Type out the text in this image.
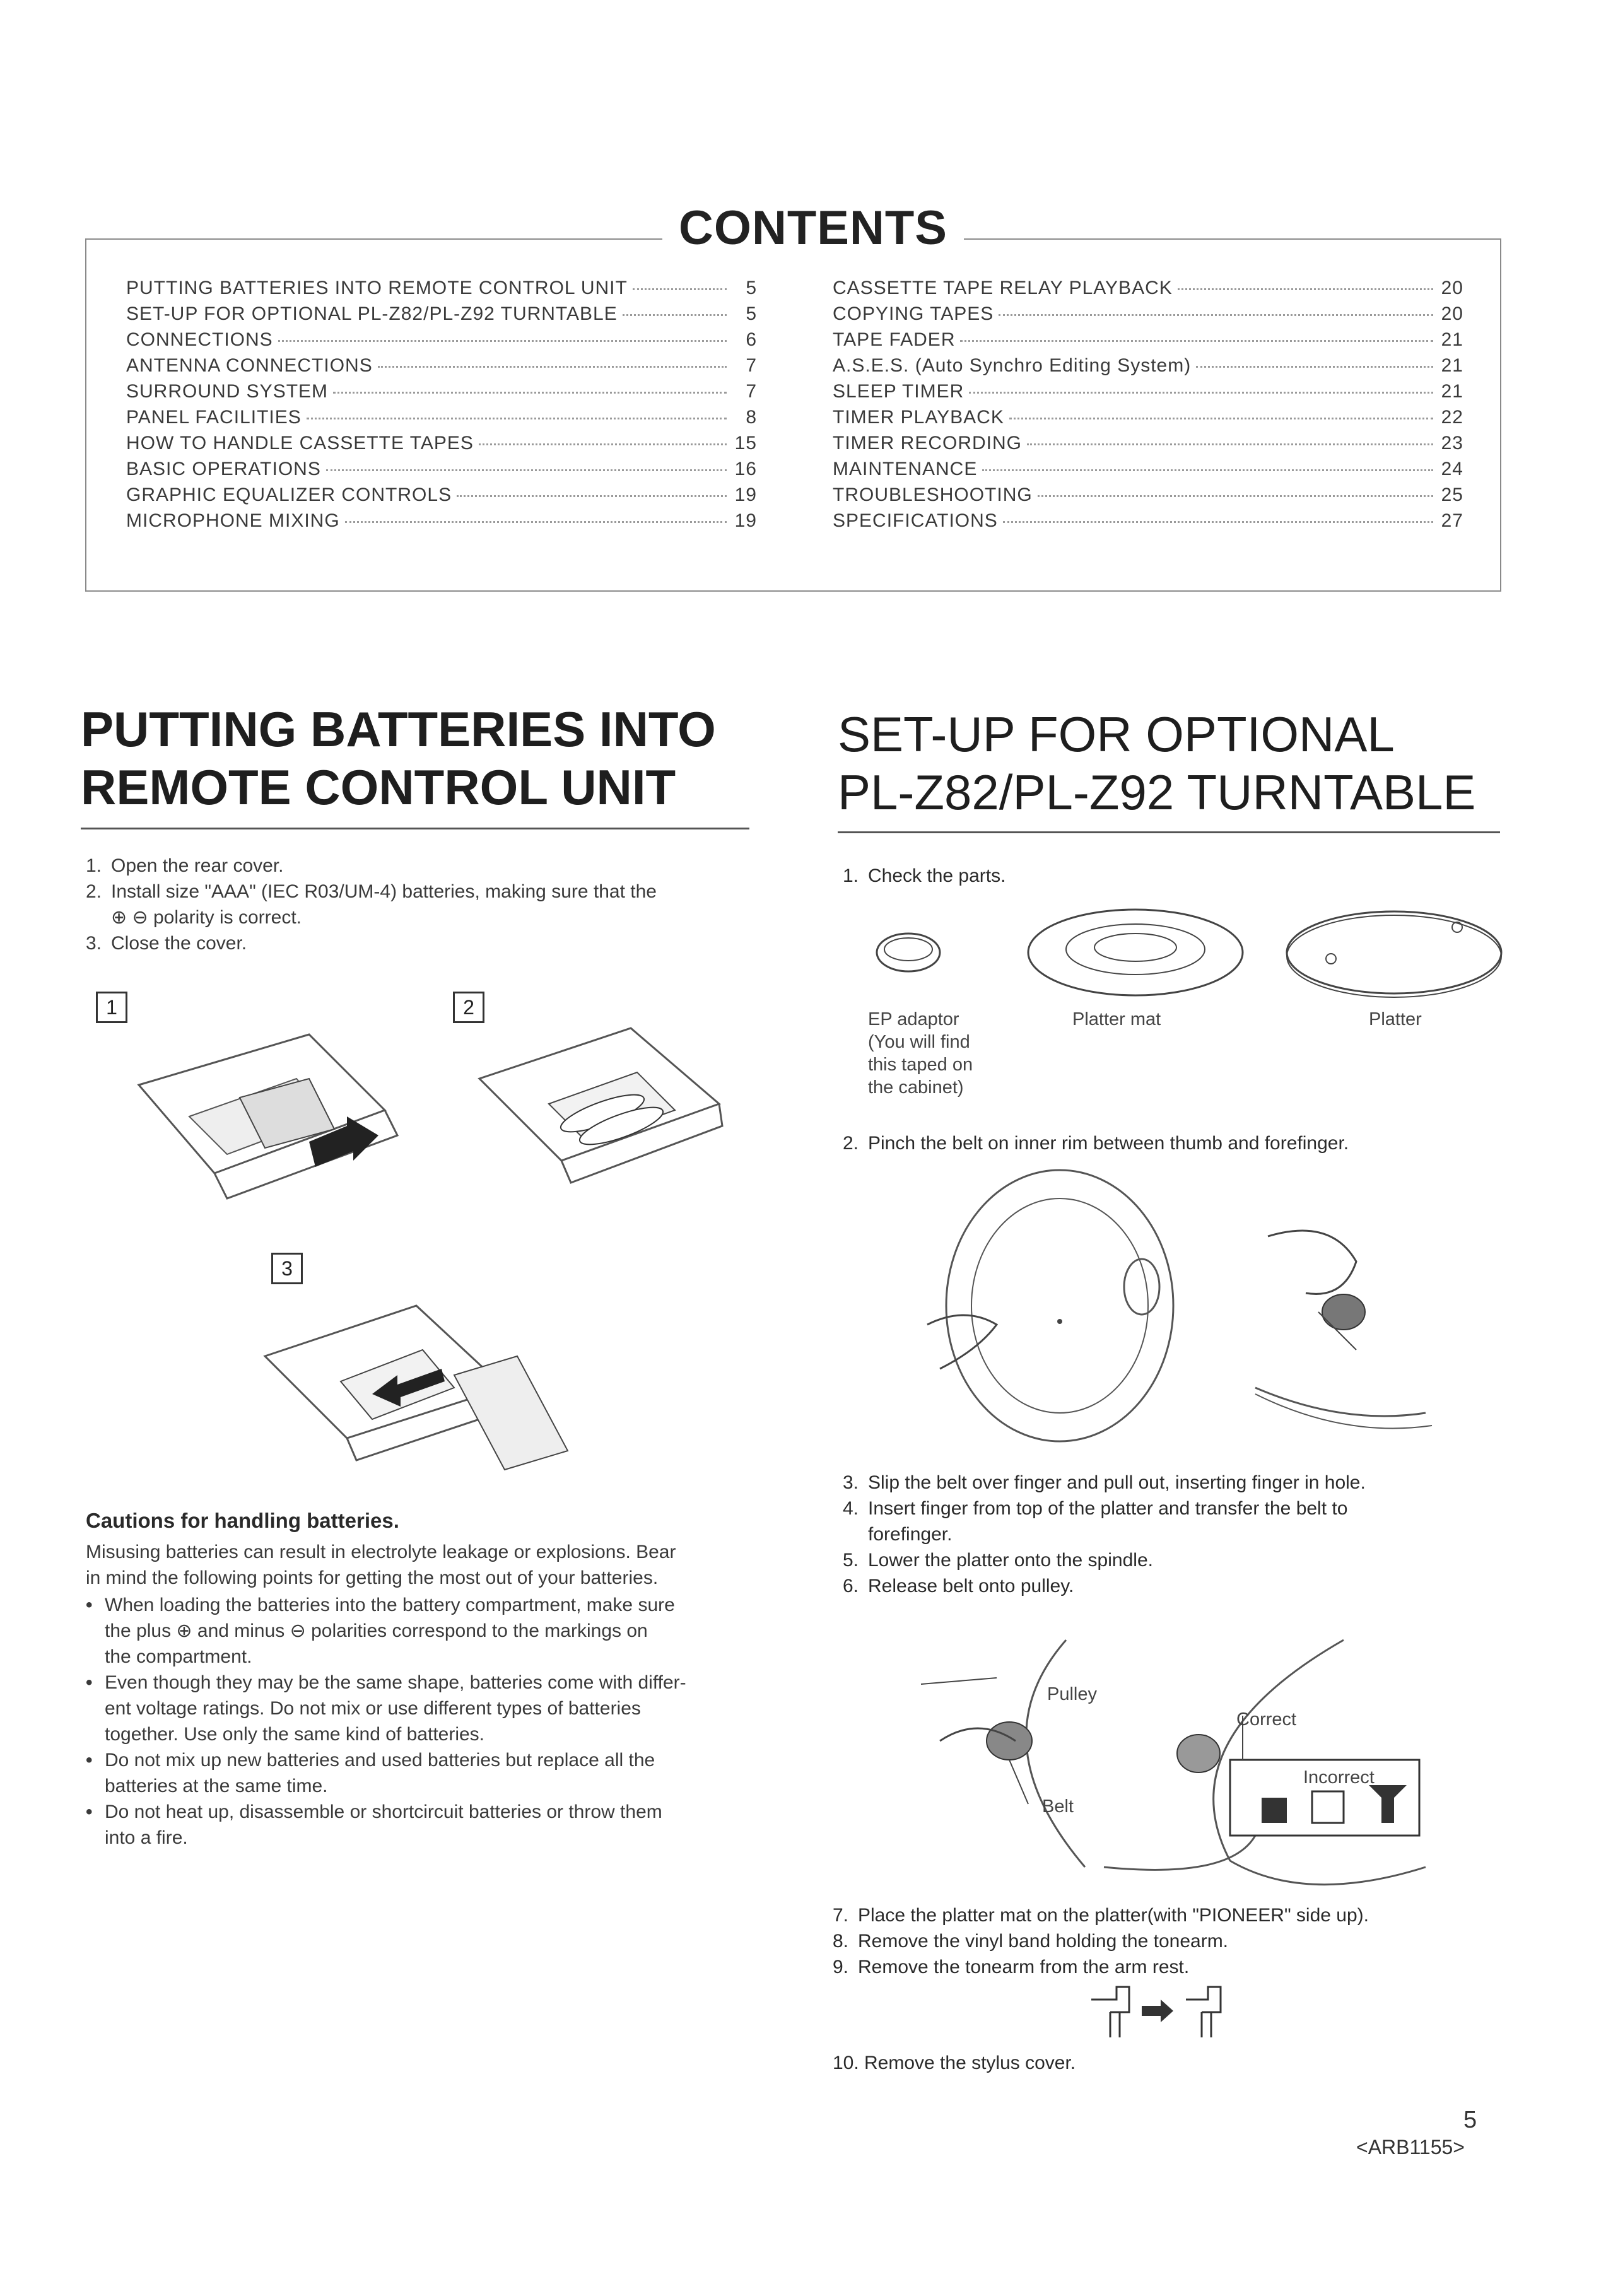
CONTENTS
PUTTING BATTERIES INTO REMOTE CONTROL UNIT	5
SET-UP FOR OPTIONAL PL-Z82/PL-Z92 TURNTABLE	5
CONNECTIONS	6
ANTENNA CONNECTIONS	7
SURROUND SYSTEM	7
PANEL FACILITIES	8
HOW TO HANDLE CASSETTE TAPES	15
BASIC OPERATIONS	16
GRAPHIC EQUALIZER CONTROLS	19
MICROPHONE MIXING	19
CASSETTE TAPE RELAY PLAYBACK	20
COPYING TAPES	20
TAPE FADER	21
A.S.E.S. (Auto Synchro Editing System)	21
SLEEP TIMER	21
TIMER PLAYBACK	22
TIMER RECORDING	23
MAINTENANCE	24
TROUBLESHOOTING	25
SPECIFICATIONS	27
PUTTING BATTERIES INTO
REMOTE CONTROL UNIT
1. Open the rear cover.
2. Install size "AAA" (IEC R03/UM-4) batteries, making sure that the
⊕ ⊖ polarity is correct.
3. Close the cover.
1	2
3
Cautions for handling batteries.
Misusing batteries can result in electrolyte leakage or explosions. Bear
in mind the following points for getting the most out of your batteries.
• When loading the batteries into the battery compartment, make sure
the plus ⊕ and minus ⊖ polarities correspond to the markings on
the compartment.
• Even though they may be the same shape, batteries come with differ-
ent voltage ratings. Do not mix or use different types of batteries
together. Use only the same kind of batteries.
• Do not mix up new batteries and used batteries but replace all the
batteries at the same time.
• Do not heat up, disassemble or shortcircuit batteries or throw them
into a fire.
SET-UP FOR OPTIONAL
PL-Z82/PL-Z92 TURNTABLE
1. Check the parts.
EP adaptor
(You will find
this taped on
the cabinet)
Platter mat	Platter
2. Pinch the belt on inner rim between thumb and forefinger.
3. Slip the belt over finger and pull out, inserting finger in hole.
4. Insert finger from top of the platter and transfer the belt to
forefinger.
5. Lower the platter onto the spindle.
6. Release belt onto pulley.
Pulley
Belt
Correct
Incorrect
7. Place the platter mat on the platter(with "PIONEER" side up).
8. Remove the vinyl band holding the tonearm.
9. Remove the tonearm from the arm rest.
10. Remove the stylus cover.
5
<ARB1155>
